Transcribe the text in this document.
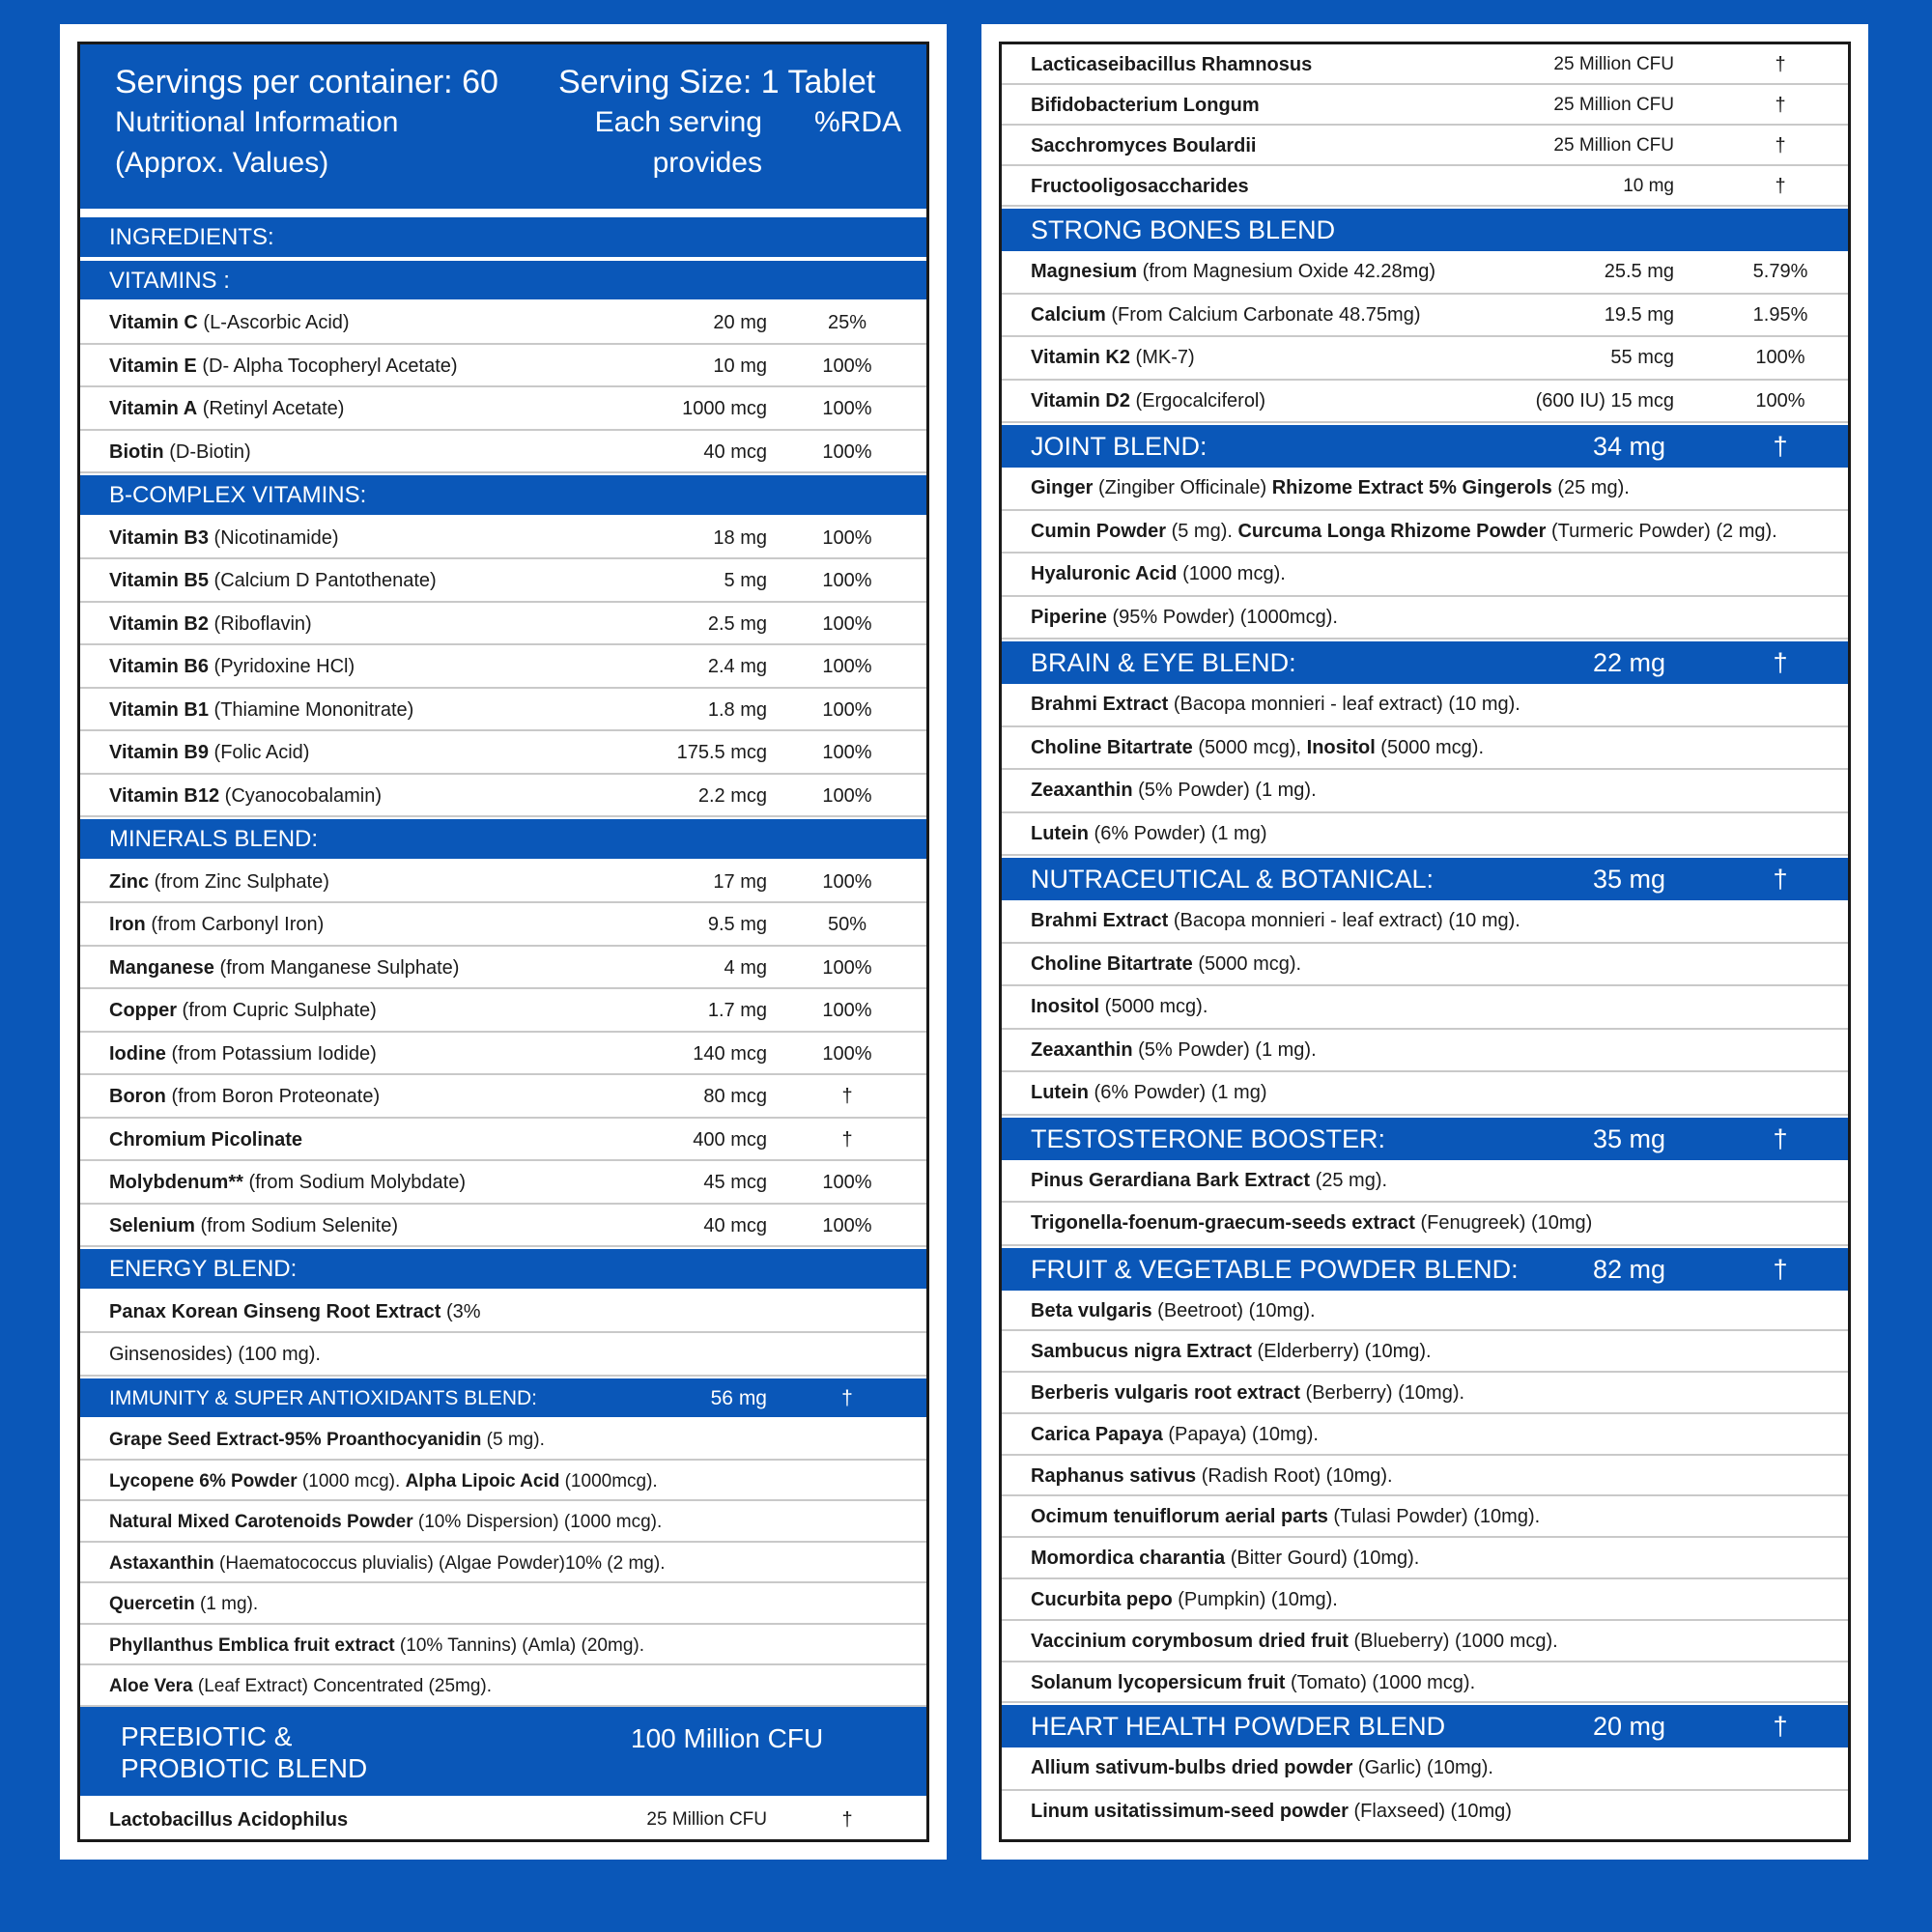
Servings per container: 60 Serving Size: 1 Tablet
Nutritional Information
(Approx. Values)
Each serving
provides
%RDA
INGREDIENTS:
VITAMINS :
Vitamin C (L-Ascorbic Acid)	20 mg	25%
Vitamin E (D- Alpha Tocopheryl Acetate)	10 mg	100%
Vitamin A (Retinyl Acetate)	1000 mcg	100%
Biotin (D-Biotin)	40 mcg	100%
B-COMPLEX VITAMINS:
Vitamin B3 (Nicotinamide)	18 mg	100%
Vitamin B5 (Calcium D Pantothenate)	5 mg	100%
Vitamin B2 (Riboflavin)	2.5 mg	100%
Vitamin B6 (Pyridoxine HCl)	2.4 mg	100%
Vitamin B1 (Thiamine Mononitrate)	1.8 mg	100%
Vitamin B9 (Folic Acid)	175.5 mcg	100%
Vitamin B12 (Cyanocobalamin)	2.2 mcg	100%
MINERALS BLEND:
Zinc (from Zinc Sulphate)	17 mg	100%
Iron (from Carbonyl Iron)	9.5 mg	50%
Manganese (from Manganese Sulphate)	4 mg	100%
Copper (from Cupric Sulphate)	1.7 mg	100%
Iodine (from Potassium Iodide)	140 mcg	100%
Boron (from Boron Proteonate)	80 mcg	†
Chromium Picolinate	400 mcg	†
Molybdenum** (from Sodium Molybdate)	45 mcg	100%
Selenium (from Sodium Selenite)	40 mcg	100%
ENERGY BLEND:
Panax Korean Ginseng Root Extract (3%
Ginsenosides) (100 mg).
IMMUNITY & SUPER ANTIOXIDANTS BLEND:	56 mg	†
Grape Seed Extract-95% Proanthocyanidin (5 mg).
Lycopene 6% Powder (1000 mcg). Alpha Lipoic Acid (1000mcg).
Natural Mixed Carotenoids Powder (10% Dispersion) (1000 mcg).
Astaxanthin (Haematococcus pluvialis) (Algae Powder)10% (2 mg).
Quercetin (1 mg).
Phyllanthus Emblica fruit extract (10% Tannins) (Amla) (20mg).
Aloe Vera (Leaf Extract) Concentrated (25mg).
PREBIOTIC &
PROBIOTIC BLEND
100 Million CFU
Lactobacillus Acidophilus	25 Million CFU	†
Lacticaseibacillus Rhamnosus	25 Million CFU	†
Bifidobacterium Longum	25 Million CFU	†
Sacchromyces Boulardii	25 Million CFU	†
Fructooligosaccharides	10 mg	†
STRONG BONES BLEND
Magnesium (from Magnesium Oxide 42.28mg)	25.5 mg	5.79%
Calcium (From Calcium Carbonate 48.75mg)	19.5 mg	1.95%
Vitamin K2 (MK-7)	55 mcg	100%
Vitamin D2 (Ergocalciferol)	(600 IU) 15 mcg	100%
JOINT BLEND:	34 mg	†
Ginger (Zingiber Officinale) Rhizome Extract 5% Gingerols (25 mg).
Cumin Powder (5 mg). Curcuma Longa Rhizome Powder (Turmeric Powder) (2 mg).
Hyaluronic Acid (1000 mcg).
Piperine (95% Powder) (1000mcg).
BRAIN & EYE BLEND:	22 mg	†
Brahmi Extract (Bacopa monnieri - leaf extract) (10 mg).
Choline Bitartrate (5000 mcg), Inositol (5000 mcg).
Zeaxanthin (5% Powder) (1 mg).
Lutein (6% Powder) (1 mg)
NUTRACEUTICAL & BOTANICAL:	35 mg	†
Brahmi Extract (Bacopa monnieri - leaf extract) (10 mg).
Choline Bitartrate (5000 mcg).
Inositol (5000 mcg).
Zeaxanthin (5% Powder) (1 mg).
Lutein (6% Powder) (1 mg)
TESTOSTERONE BOOSTER:	35 mg	†
Pinus Gerardiana Bark Extract (25 mg).
Trigonella-foenum-graecum-seeds extract (Fenugreek) (10mg)
FRUIT & VEGETABLE POWDER BLEND:	82 mg	†
Beta vulgaris (Beetroot) (10mg).
Sambucus nigra Extract (Elderberry) (10mg).
Berberis vulgaris root extract (Berberry) (10mg).
Carica Papaya (Papaya) (10mg).
Raphanus sativus (Radish Root) (10mg).
Ocimum tenuiflorum aerial parts (Tulasi Powder) (10mg).
Momordica charantia (Bitter Gourd) (10mg).
Cucurbita pepo (Pumpkin) (10mg).
Vaccinium corymbosum dried fruit (Blueberry) (1000 mcg).
Solanum lycopersicum fruit (Tomato) (1000 mcg).
HEART HEALTH POWDER BLEND	20 mg	†
Allium sativum-bulbs dried powder (Garlic) (10mg).
Linum usitatissimum-seed powder (Flaxseed) (10mg)
